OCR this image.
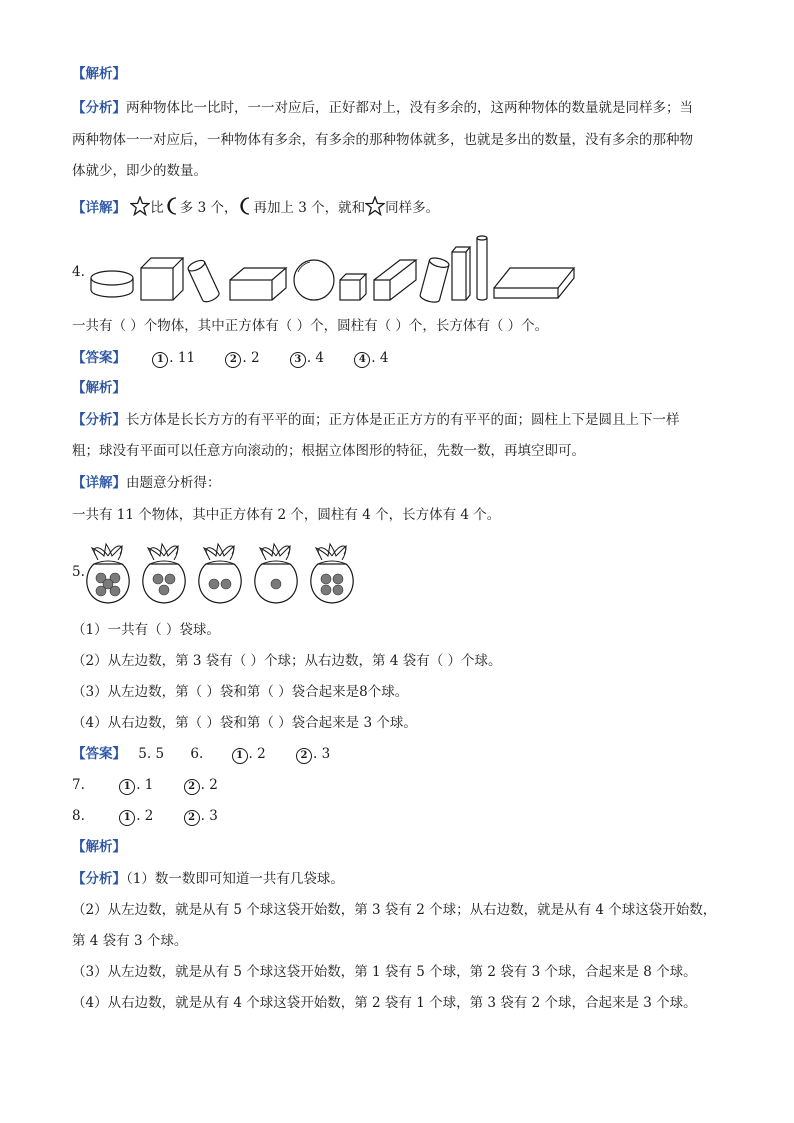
【解析】
【分析】两种物体比一比时，一一对应后，正好都对上，没有多余的，这两种物体的数量就是同样多；当
两种物体一一对应后，一种物体有多余，有多余的那种物体就多，也就是多出的数量，没有多余的那种物
体就少，即少的数量。
【详解】 比 多 3 个， 再加上 3 个，就和 同样多。
4.
一共有（ ）个物体，其中正方体有（ ）个，圆柱有（ ）个，长方体有（ ）个。
【答案】	1 . 11	2 . 2	3 . 4	4 . 4
【解析】
【分析】长方体是长长方方的有平平的面；正方体是正正方方的有平平的面；圆柱上下是圆且上下一样
粗；球没有平面可以任意方向滚动的；根据立体图形的特征，先数一数，再填空即可。
【详解】由题意分析得：
一共有 11 个物体，其中正方体有 2 个，圆柱有 4 个，长方体有 4 个。
5.
（1）一共有（ ）袋球。
（2）从左边数，第 3 袋有（ ）个球；从右边数，第 4 袋有（ ）个球。
（3）从左边数，第（ ）袋和第（ ）袋合起来是8个球。
（4）从右边数，第（ ）袋和第（ ）袋合起来是 3 个球。
【答案】 5. 5 6.	1 . 2	2 . 3
7.	1 . 1	2 . 2
8.	1 . 2	2 . 3
【解析】
【分析】（1）数一数即可知道一共有几袋球。
（2）从左边数，就是从有 5 个球这袋开始数，第 3 袋有 2 个球；从右边数，就是从有 4 个球这袋开始数，
第 4 袋有 3 个球。
（3）从左边数，就是从有 5 个球这袋开始数，第 1 袋有 5 个球，第 2 袋有 3 个球，合起来是 8 个球。
（4）从右边数，就是从有 4 个球这袋开始数，第 2 袋有 1 个球，第 3 袋有 2 个球，合起来是 3 个球。
